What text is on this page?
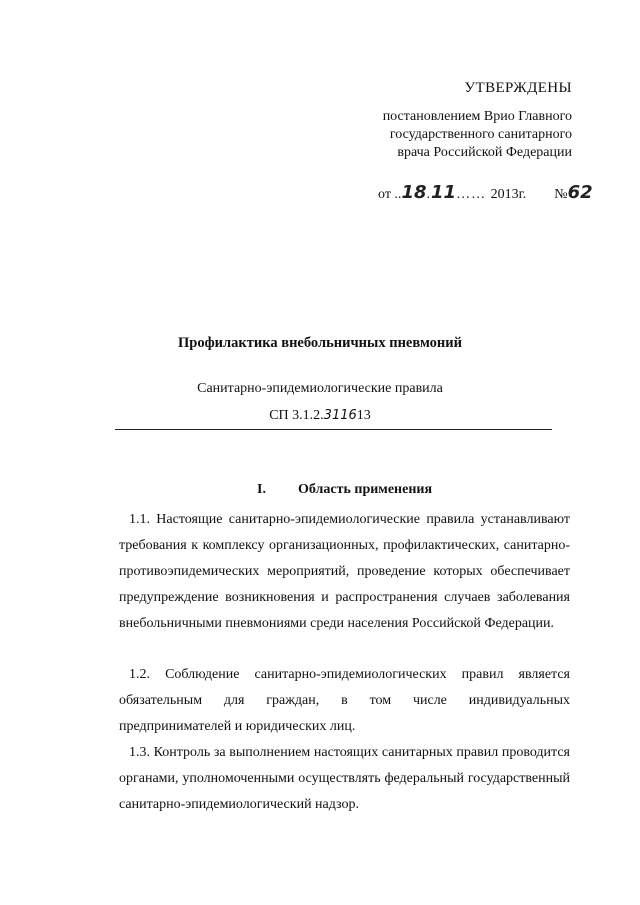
УТВЕРЖДЕНЫ
постановлением Врио Главного
государственного санитарного
врача Российской Федерации
от ..18.11…… 2013г. №62
Профилактика внебольничных пневмоний
Санитарно-эпидемиологические правила
СП 3.1.2.311613
I. Область применения

1.1. Настоящие санитарно-эпидемиологические правила устанавливают требования к комплексу организационных, профилактических, санитарно-противоэпидемических мероприятий, проведение которых обеспечивает предупреждение возникновения и распространения случаев заболевания внебольничными пневмониями среди населения Российской Федерации.

1.2. Соблюдение санитарно-эпидемиологических правил является обязательным для граждан, в том числе индивидуальных предпринимателей и юридических лиц.

1.3. Контроль за выполнением настоящих санитарных правил проводится органами, уполномоченными осуществлять федеральный государственный санитарно-эпидемиологический надзор.
